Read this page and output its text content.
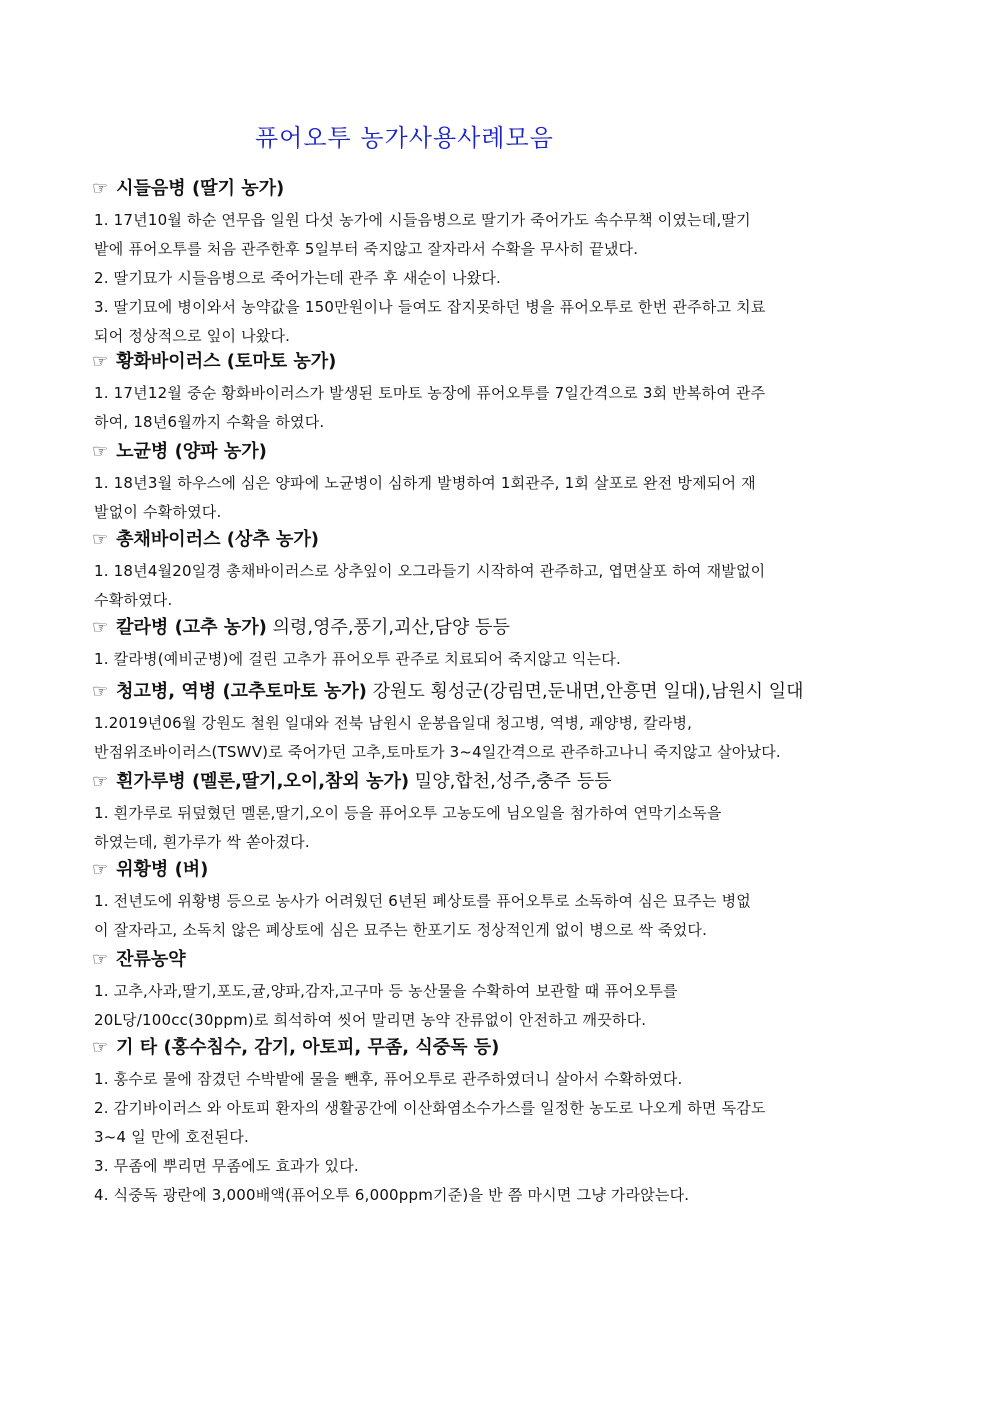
퓨어오투 농가사용사례모음
☞ 시들음병 (딸기 농가)
1. 17년10월 하순 연무읍 일원 다섯 농가에 시들음병으로 딸기가 죽어가도 속수무책 이였는데,딸기
밭에 퓨어오투를 처음 관주한후 5일부터 죽지않고 잘자라서 수확을 무사히 끝냈다.
2. 딸기묘가 시들음병으로 죽어가는데 관주 후 새순이 나왔다.
3. 딸기묘에 병이와서 농약값을 150만원이나 들여도 잡지못하던 병을 퓨어오투로 한번 관주하고 치료
되어 정상적으로 잎이 나왔다.
☞ 황화바이러스 (토마토 농가)
1. 17년12월 중순 황화바이러스가 발생된 토마토 농장에 퓨어오투를 7일간격으로 3회 반복하여 관주
하여, 18년6월까지 수확을 하였다.
☞ 노균병 (양파 농가)
1. 18년3월 하우스에 심은 양파에 노균병이 심하게 발병하여 1회관주, 1회 살포로 완전 방제되어 재
발없이 수확하였다.
☞ 총채바이러스 (상추 농가)
1. 18년4월20일경 총채바이러스로 상추잎이 오그라들기 시작하여 관주하고, 엽면살포 하여 재발없이
수확하였다.
☞ 칼라병 (고추 농가) 의령,영주,풍기,괴산,담양 등등
1. 칼라병(예비군병)에 걸린 고추가 퓨어오투 관주로 치료되어 죽지않고 익는다.
☞ 청고병, 역병 (고추토마토 농가) 강원도 횡성군(강림면,둔내면,안흥면 일대),남원시 일대
1.2019년06월 강원도 철원 일대와 전북 남원시 운봉읍일대 청고병, 역병, 괘양병, 칼라병,
반점위조바이러스(TSWV)로 죽어가던 고추,토마토가 3~4일간격으로 관주하고나니 죽지않고 살아났다.
☞ 흰가루병 (멜론,딸기,오이,참외 농가) 밀양,합천,성주,충주 등등
1. 흰가루로 뒤덮혔던 멜론,딸기,오이 등을 퓨어오투 고농도에 님오일을 첨가하여 연막기소독을
하였는데, 흰가루가 싹 쏟아졌다.
☞ 위황병 (벼)
1. 전년도에 위황병 등으로 농사가 어려웠던 6년된 폐상토를 퓨어오투로 소독하여 심은 묘주는 병없
이 잘자라고, 소독치 않은 폐상토에 심은 묘주는 한포기도 정상적인게 없이 병으로 싹 죽었다.
☞ 잔류농약
1. 고추,사과,딸기,포도,귤,양파,감자,고구마 등 농산물을 수확하여 보관할 때 퓨어오투를
20L당/100cc(30ppm)로 희석하여 씻어 말리면 농약 잔류없이 안전하고 깨끗하다.
☞ 기 타 (홍수침수, 감기, 아토피, 무좀, 식중독 등)
1. 홍수로 물에 잠겼던 수박밭에 물을 뺀후, 퓨어오투로 관주하였더니 살아서 수확하였다.
2. 감기바이러스 와 아토피 환자의 생활공간에 이산화염소수가스를 일정한 농도로 나오게 하면 독감도
3~4 일 만에 호전된다.
3. 무좀에 뿌리면 무좀에도 효과가 있다.
4. 식중독 광란에 3,000배액(퓨어오투 6,000ppm기준)을 반 쯤 마시면 그냥 가라앉는다.
